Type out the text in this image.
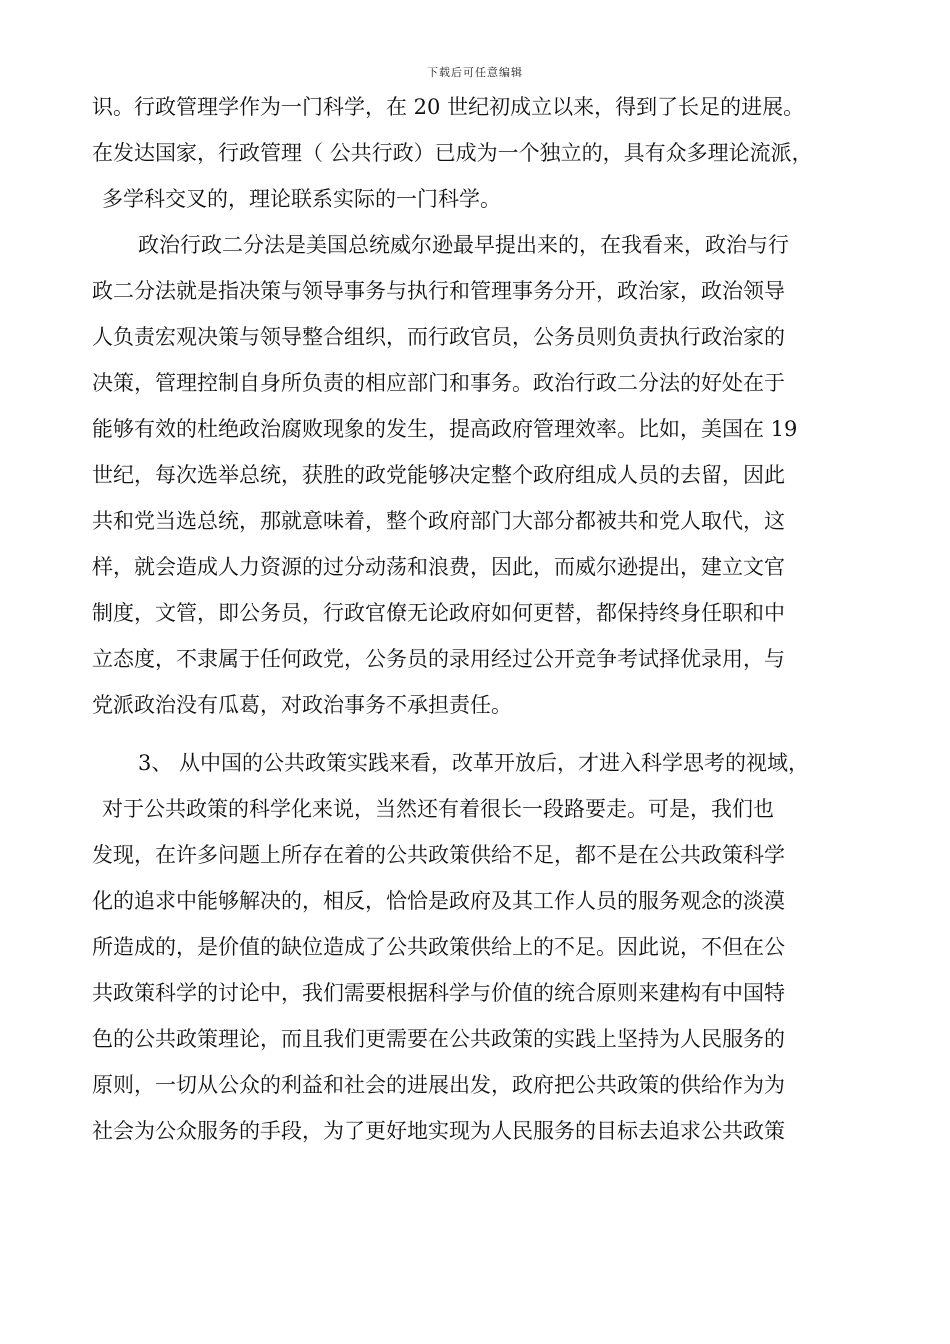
下载后可任意编辑
识。行政管理学作为一门科学，在 20 世纪初成立以来，得到了长足的进展。
在发达国家，行政管理（ 公共行政）已成为一个独立的，具有众多理论流派，
多学科交叉的，理论联系实际的一门科学。
政治行政二分法是美国总统威尔逊最早提出来的，在我看来，政治与行
政二分法就是指决策与领导事务与执行和管理事务分开，政治家，政治领导
人负责宏观决策与领导整合组织，而行政官员，公务员则负责执行政治家的
决策，管理控制自身所负责的相应部门和事务。政治行政二分法的好处在于
能够有效的杜绝政治腐败现象的发生，提高政府管理效率。比如，美国在 19
世纪，每次选举总统，获胜的政党能够决定整个政府组成人员的去留，因此
共和党当选总统，那就意味着，整个政府部门大部分都被共和党人取代，这
样，就会造成人力资源的过分动荡和浪费，因此，而威尔逊提出，建立文官
制度，文管，即公务员，行政官僚无论政府如何更替，都保持终身任职和中
立态度，不隶属于任何政党，公务员的录用经过公开竞争考试择优录用，与
党派政治没有瓜葛，对政治事务不承担责任。
3、 从中国的公共政策实践来看，改革开放后，才进入科学思考的视域，
对于公共政策的科学化来说，当然还有着很长一段路要走。可是，我们也
发现，在许多问题上所存在着的公共政策供给不足，都不是在公共政策科学
化的追求中能够解决的，相反，恰恰是政府及其工作人员的服务观念的淡漠
所造成的，是价值的缺位造成了公共政策供给上的不足。因此说，不但在公
共政策科学的讨论中，我们需要根据科学与价值的统合原则来建构有中国特
色的公共政策理论，而且我们更需要在公共政策的实践上坚持为人民服务的
原则，一切从公众的利益和社会的进展出发，政府把公共政策的供给作为为
社会为公众服务的手段，为了更好地实现为人民服务的目标去追求公共政策
